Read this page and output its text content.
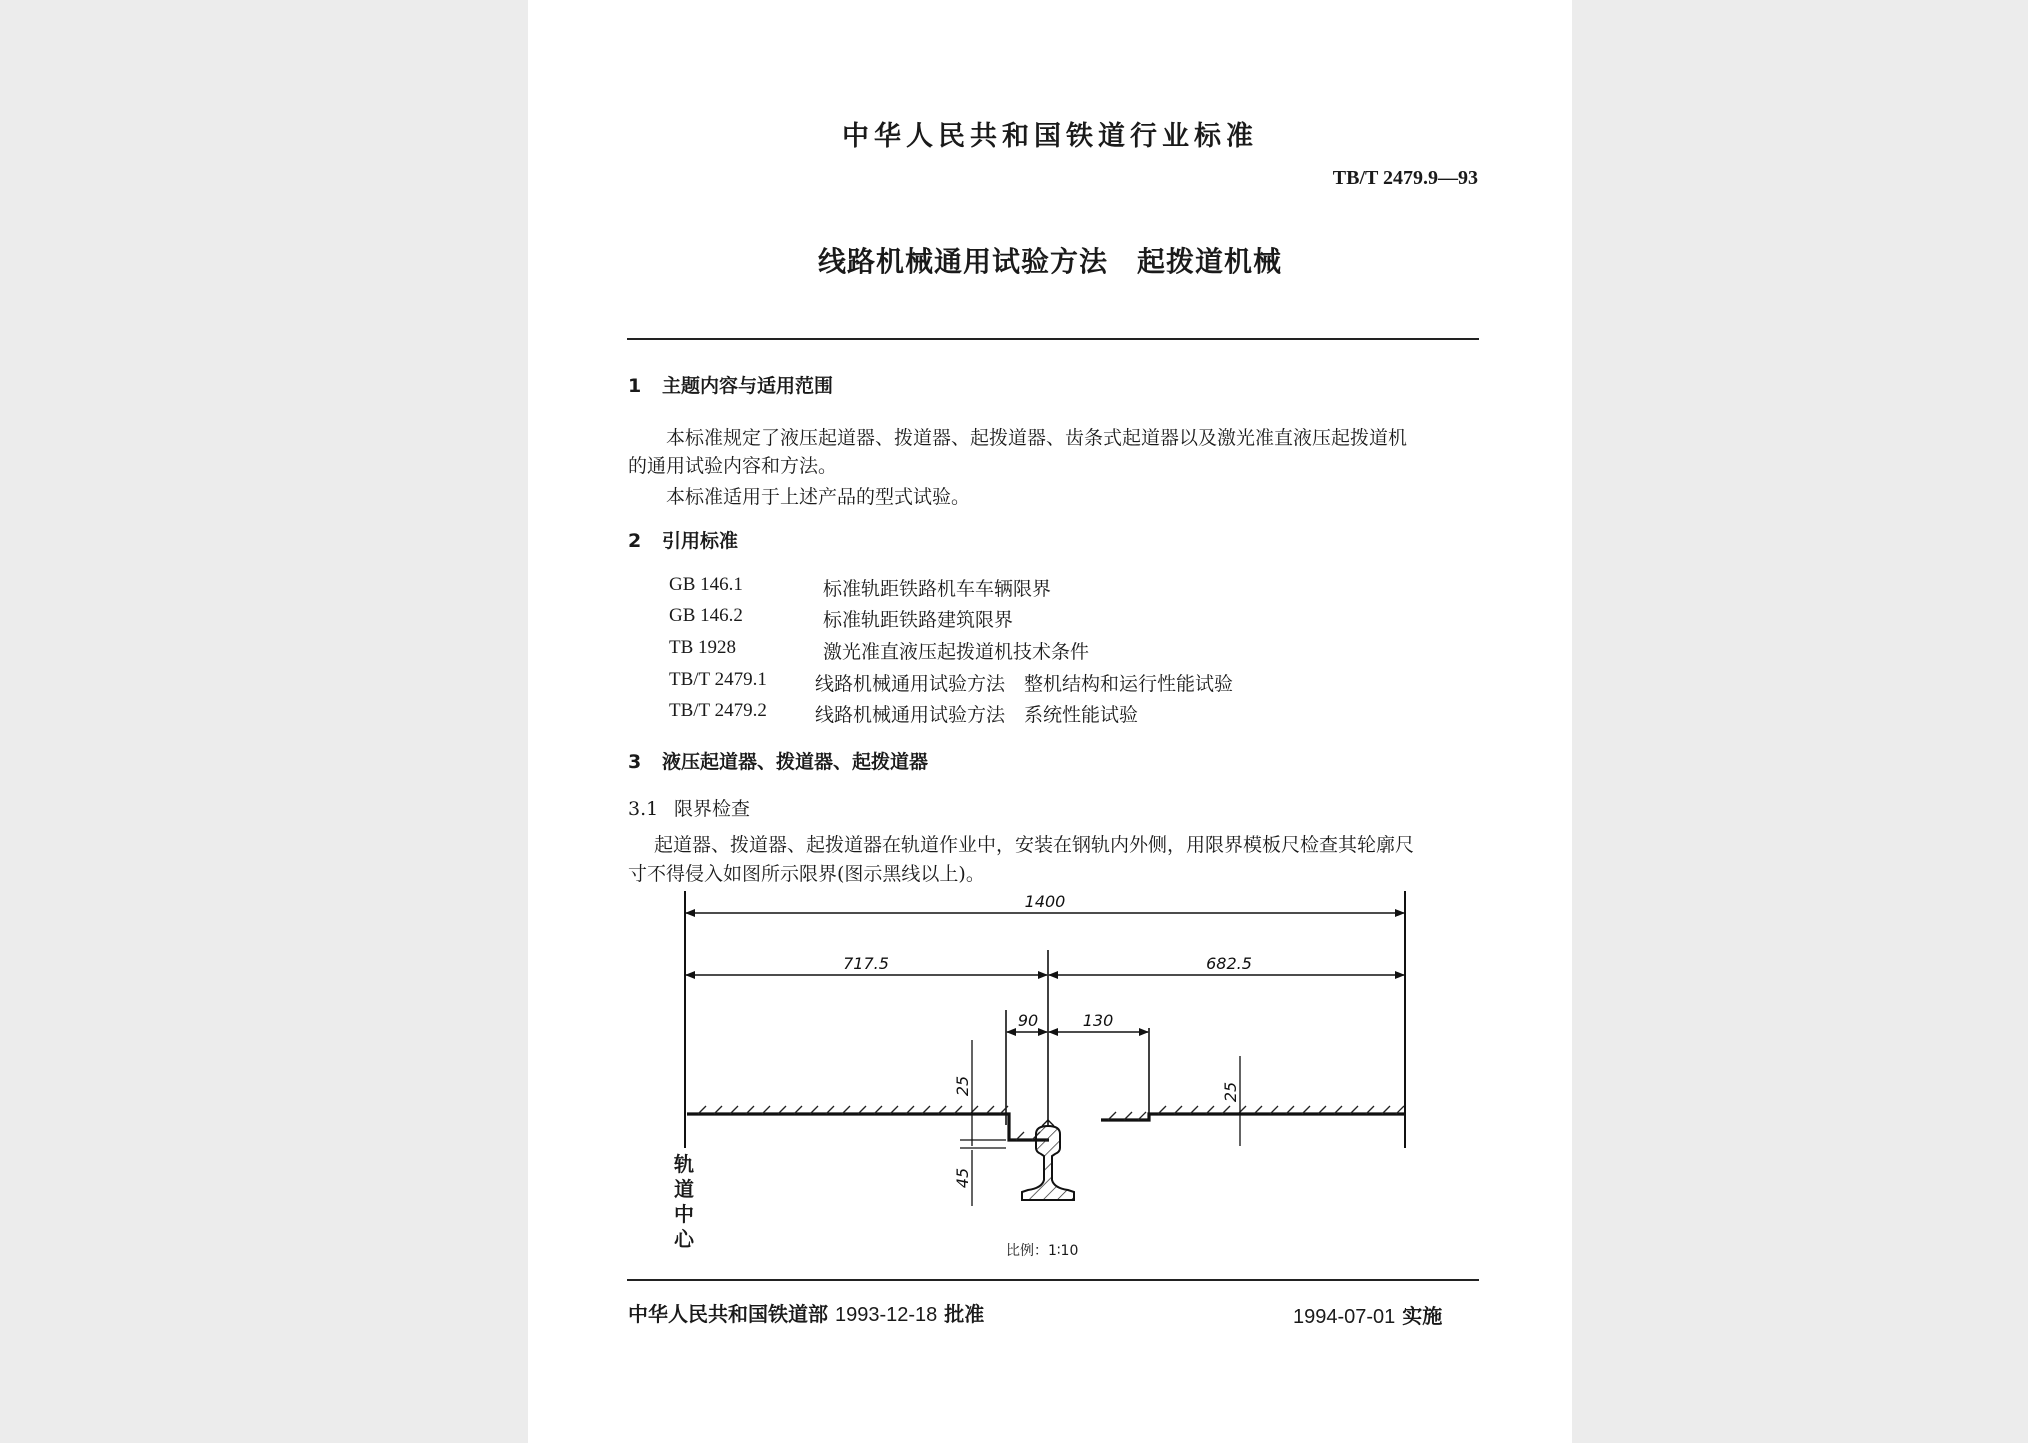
中华人民共和国铁道行业标准
TB/T 2479.9—93
线路机械通用试验方法　起拨道机械
1 主题内容与适用范围
本标准规定了液压起道器、拨道器、起拨道器、齿条式起道器以及激光准直液压起拨道机
的通用试验内容和方法。
本标准适用于上述产品的型式试验。
2 引用标准
GB 146.1	标准轨距铁路机车车辆限界
GB 146.2	标准轨距铁路建筑限界
TB 1928	激光准直液压起拨道机技术条件
TB/T 2479.1	线路机械通用试验方法　整机结构和运行性能试验
TB/T 2479.2	线路机械通用试验方法　系统性能试验
3 液压起道器、拨道器、起拨道器
3.1 限界检查
起道器、拨道器、起拨道器在轨道作业中，安装在钢轨内外侧，用限界模板尺检查其轮廓尺
寸不得侵入如图所示限界(图示黑线以上)。
1400
717.5	682.5
90	130
25	25
45
轨道中心	比例：1∶10
中华人民共和国铁道部 1993-12-18 批准	1994-07-01 实施
